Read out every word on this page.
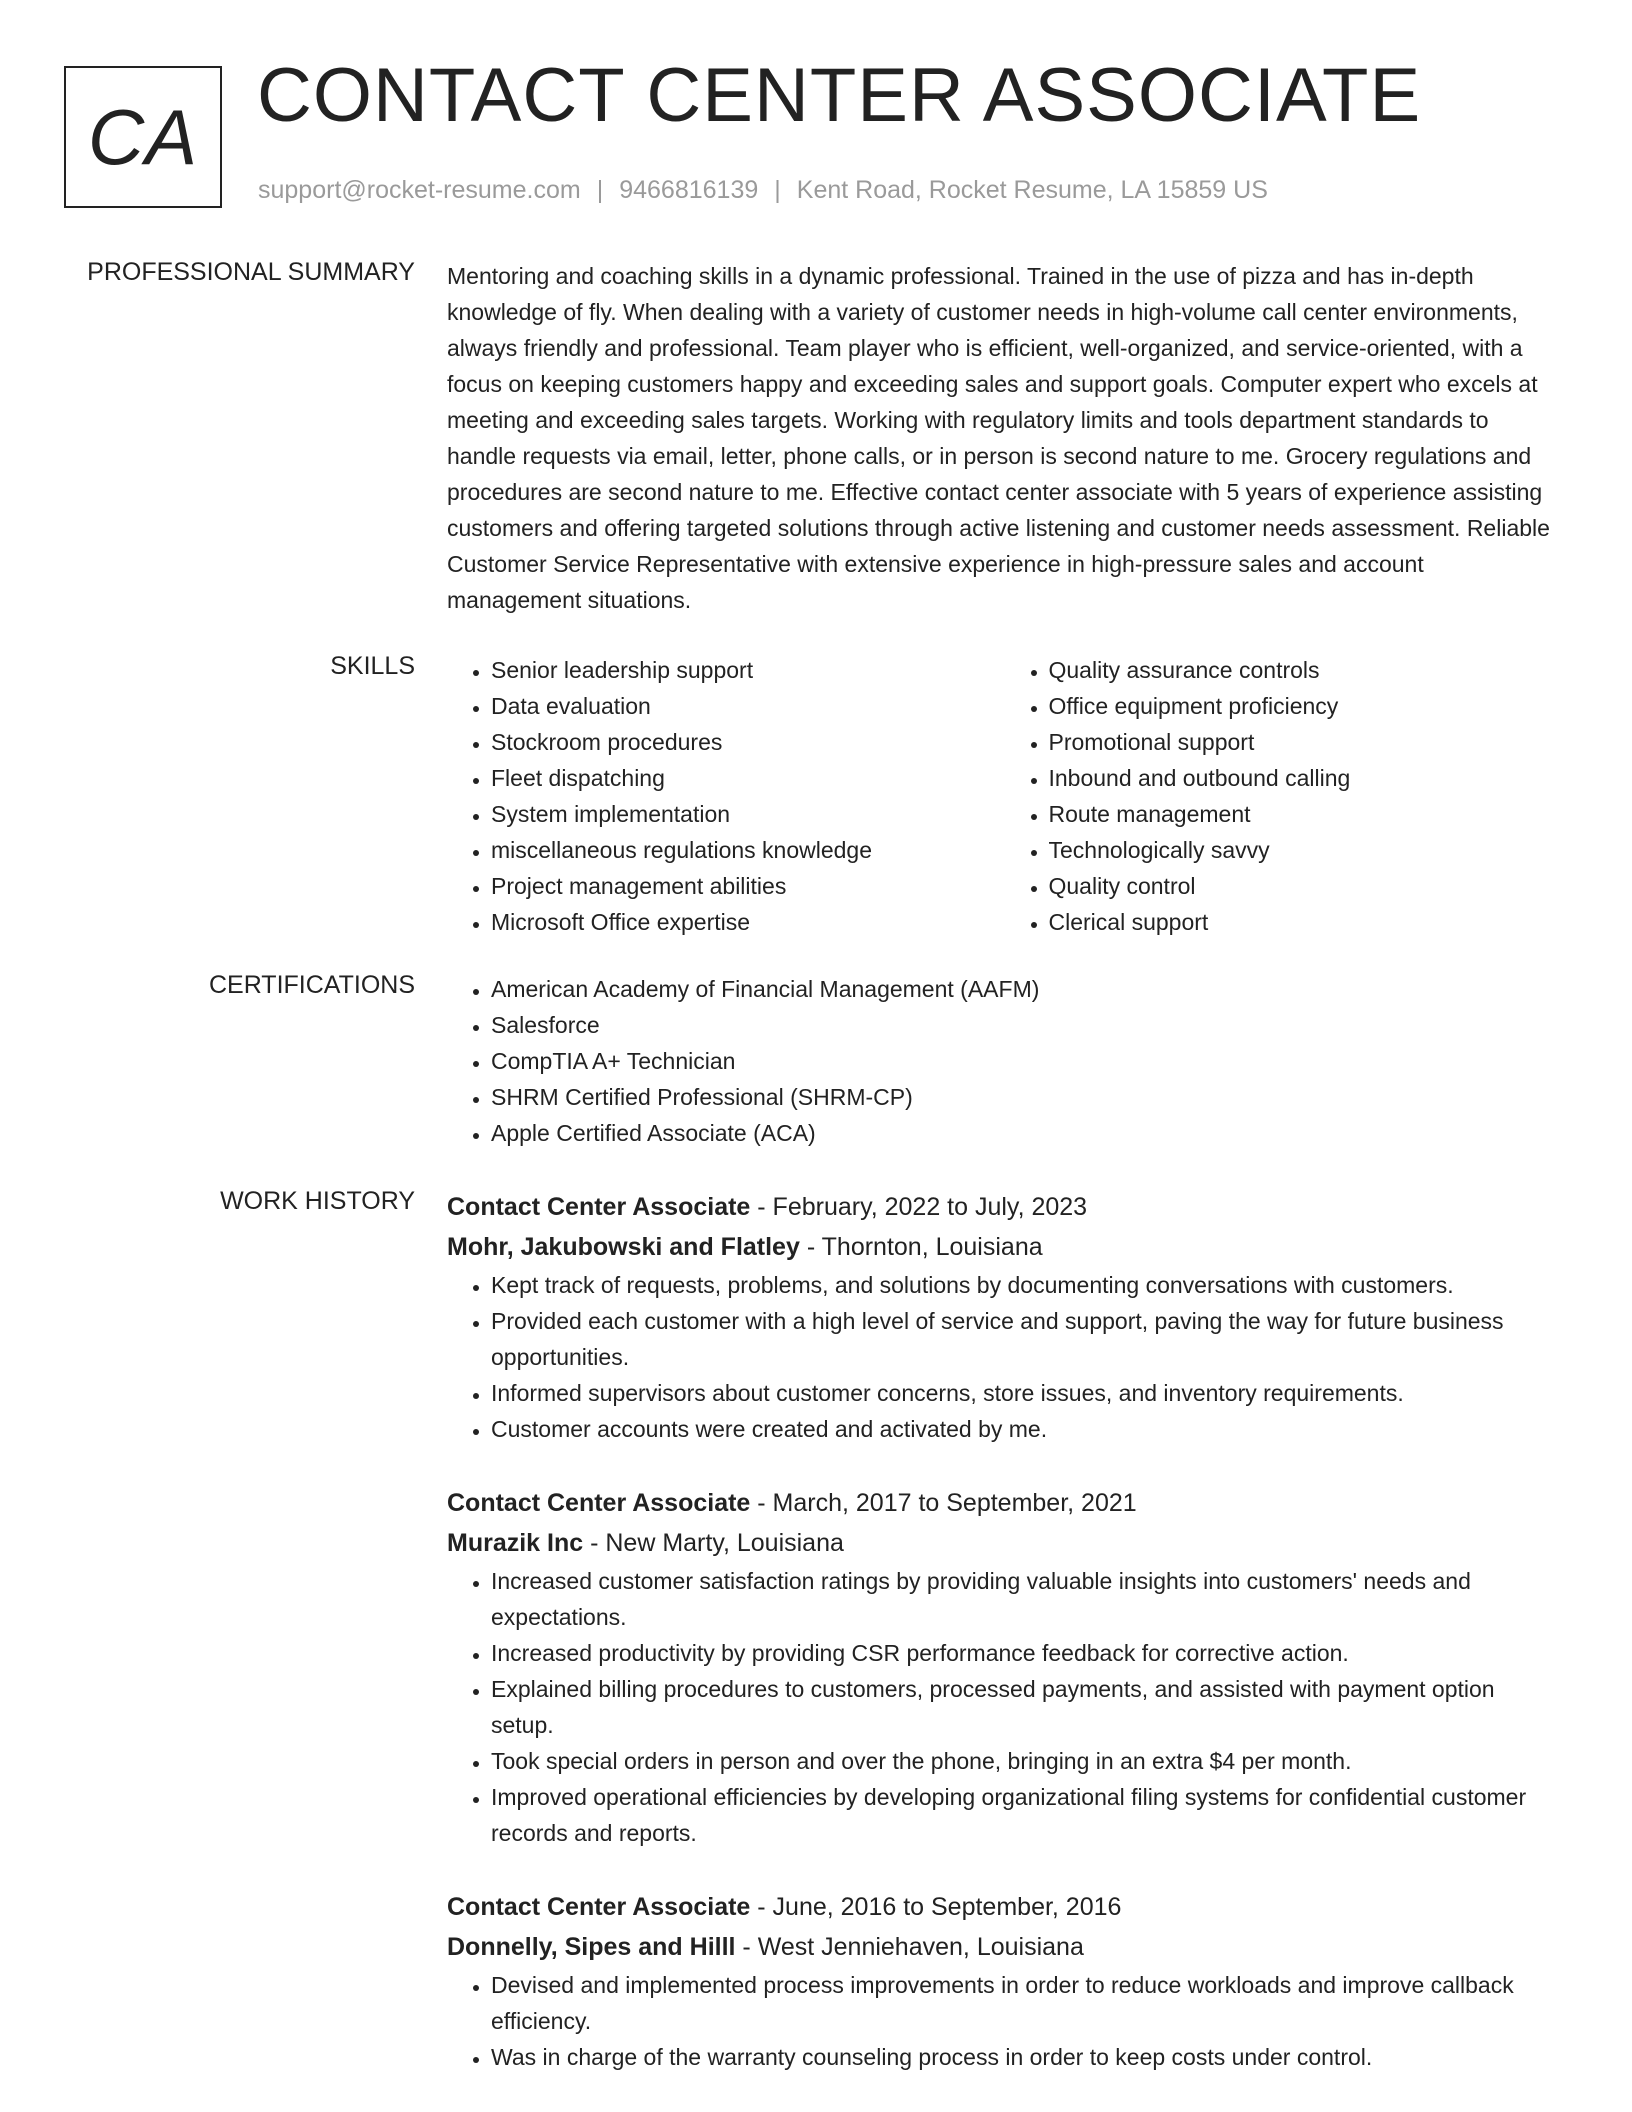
CA CONTACT CENTER ASSOCIATE
support@rocket-resume.com | 9466816139 | Kent Road, Rocket Resume, LA 15859 US
PROFESSIONAL SUMMARY Mentoring and coaching skills in a dynamic professional. Trained in the use of pizza and has in-depth knowledge of fly. When dealing with a variety of customer needs in high-volume call center environments, always friendly and professional. Team player who is efficient, well-organized, and service-oriented, with a focus on keeping customers happy and exceeding sales and support goals. Computer expert who excels at meeting and exceeding sales targets. Working with regulatory limits and tools department standards to handle requests via email, letter, phone calls, or in person is second nature to me. Grocery regulations and procedures are second nature to me. Effective contact center associate with 5 years of experience assisting customers and offering targeted solutions through active listening and customer needs assessment. Reliable Customer Service Representative with extensive experience in high-pressure sales and account management situations.

SKILLS	• Senior leadership support
• Data evaluation
• Stockroom procedures
• Fleet dispatching
• System implementation
• miscellaneous regulations knowledge
• Project management abilities
• Microsoft Office expertise
• Quality assurance controls
• Office equipment proficiency
• Promotional support
• Inbound and outbound calling
• Route management
• Technologically savvy
• Quality control
• Clerical support
CERTIFICATIONS	• American Academy of Financial Management (AAFM)
• Salesforce
• CompTIA A+ Technician
• SHRM Certified Professional (SHRM-CP)
• Apple Certified Associate (ACA)
WORK HISTORY Contact Center Associate - February, 2022 to July, 2023
Mohr, Jakubowski and Flatley - Thornton, Louisiana
• Kept track of requests, problems, and solutions by documenting conversations with customers.
• Provided each customer with a high level of service and support, paving the way for future business opportunities.
• Informed supervisors about customer concerns, store issues, and inventory requirements.
• Customer accounts were created and activated by me.
Contact Center Associate - March, 2017 to September, 2021
Murazik Inc - New Marty, Louisiana
• Increased customer satisfaction ratings by providing valuable insights into customers' needs and expectations.
• Increased productivity by providing CSR performance feedback for corrective action.
• Explained billing procedures to customers, processed payments, and assisted with payment option setup.
• Took special orders in person and over the phone, bringing in an extra $4 per month.
• Improved operational efficiencies by developing organizational filing systems for confidential customer records and reports.
Contact Center Associate - June, 2016 to September, 2016
Donnelly, Sipes and Hilll - West Jenniehaven, Louisiana
• Devised and implemented process improvements in order to reduce workloads and improve callback efficiency.
• Was in charge of the warranty counseling process in order to keep costs under control.
